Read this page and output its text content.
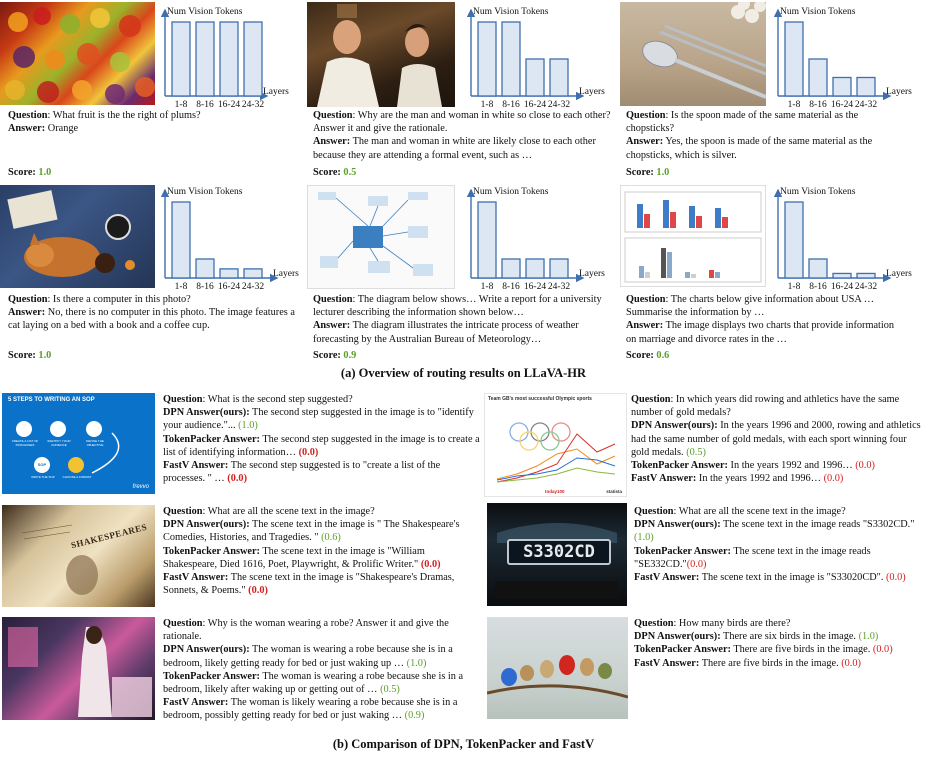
Num Vision Tokens
Layers
1-8 8-16 16-24 24-32
Num Vision Tokens
Layers
1-8 8-16 16-24 24-32
Num Vision Tokens
Layers
1-8 8-16 16-24 24-32
Num Vision Tokens
Layers
1-8 8-16 16-24 24-32
Num Vision Tokens
Layers
1-8 8-16 16-24 24-32
Num Vision Tokens
Layers
1-8 8-16 16-24 24-32
Question: What fruit is the the right of plums?
Answer: Orange
Score: 1.0
Question: Why are the man and woman in white so close to each other? Answer it and give the rationale.
Answer: The man and woman in white are likely close to each other because they are attending a formal event, such as …
Score: 0.5
Question: Is the spoon made of the same material as the chopsticks?
Answer: Yes, the spoon is made of the same material as the chopsticks, which is silver.
Score: 1.0
Question: Is there a computer in this photo?
Answer: No, there is no computer in this photo. The image features a cat laying on a bed with a book and a coffee cup.
Score: 1.0
Question: The diagram below shows… Write a report for a university lecturer describing the information shown below…
Answer: The diagram illustrates the intricate process of weather forecasting by the Australian Bureau of Meteorology…
Score: 0.9
Question: The charts below give information about USA … Summarise the information by …
Answer: The image displays two charts that provide information on marriage and divorce rates in the …
Score: 0.6
(a) Overview of routing results on LLaVA-HR
5 STEPS TO WRITING AN SOP
CREATE A LIST OF PROCESSES
IDENTIFY YOUR AUDIENCE
DEFINE THE OBJECTIVE
SOP
WRITE THE SOP	CHOOSE A FORMAT
frevvo
Team GB's most successful Olympic sports
today100	statista
SHAKESPEARES
S3302CD
Question: What is the second step suggested?
DPN Answer(ours): The second step suggested in the image is to "identify your audience."... (1.0)
TokenPacker Answer: The second step suggested in the image is to create a list of identifying information… (0.0)
FastV Answer: The second step suggested is to "create a list of the processes. " … (0.0)
Question: In which years did rowing and athletics have the same number of gold medals?
DPN Answer(ours): In the years 1996 and 2000, rowing and athletics had the same number of gold medals, with each sport winning four gold medals. (0.5)
TokenPacker Answer: In the years 1992 and 1996… (0.0)
FastV Answer: In the years 1992 and 1996… (0.0)
Question: What are all the scene text in the image?
DPN Answer(ours): The scene text in the image is " The Shakespeare's Comedies, Histories, and Tragedies. " (0.6)
TokenPacker Answer: The scene text in the image is "William Shakespeare, Died 1616, Poet, Playwright, & Prolific Writer." (0.0)
FastV Answer: The scene text in the image is "Shakespeare's Dramas, Sonnets, & Poems." (0.0)
Question: What are all the scene text in the image?
DPN Answer(ours): The scene text in the image reads "S3302CD." (1.0)
TokenPacker Answer: The scene text in the image reads "SE332CD."(0.0)
FastV Answer: The scene text in the image is "S33020CD". (0.0)
Question: Why is the woman wearing a robe? Answer it and give the rationale.
DPN Answer(ours): The woman is wearing a robe because she is in a bedroom, likely getting ready for bed or just waking up … (1.0)
TokenPacker Answer: The woman is wearing a robe because she is in a bedroom, likely after waking up or getting out of … (0.5)
FastV Answer: The woman is likely wearing a robe because she is in a bedroom, possibly getting ready for bed or just waking … (0.9)
Question: How many birds are there?
DPN Answer(ours): There are six birds in the image. (1.0)
TokenPacker Answer: There are five birds in the image. (0.0)
FastV Answer: There are five birds in the image. (0.0)
(b) Comparison of DPN, TokenPacker and FastV
